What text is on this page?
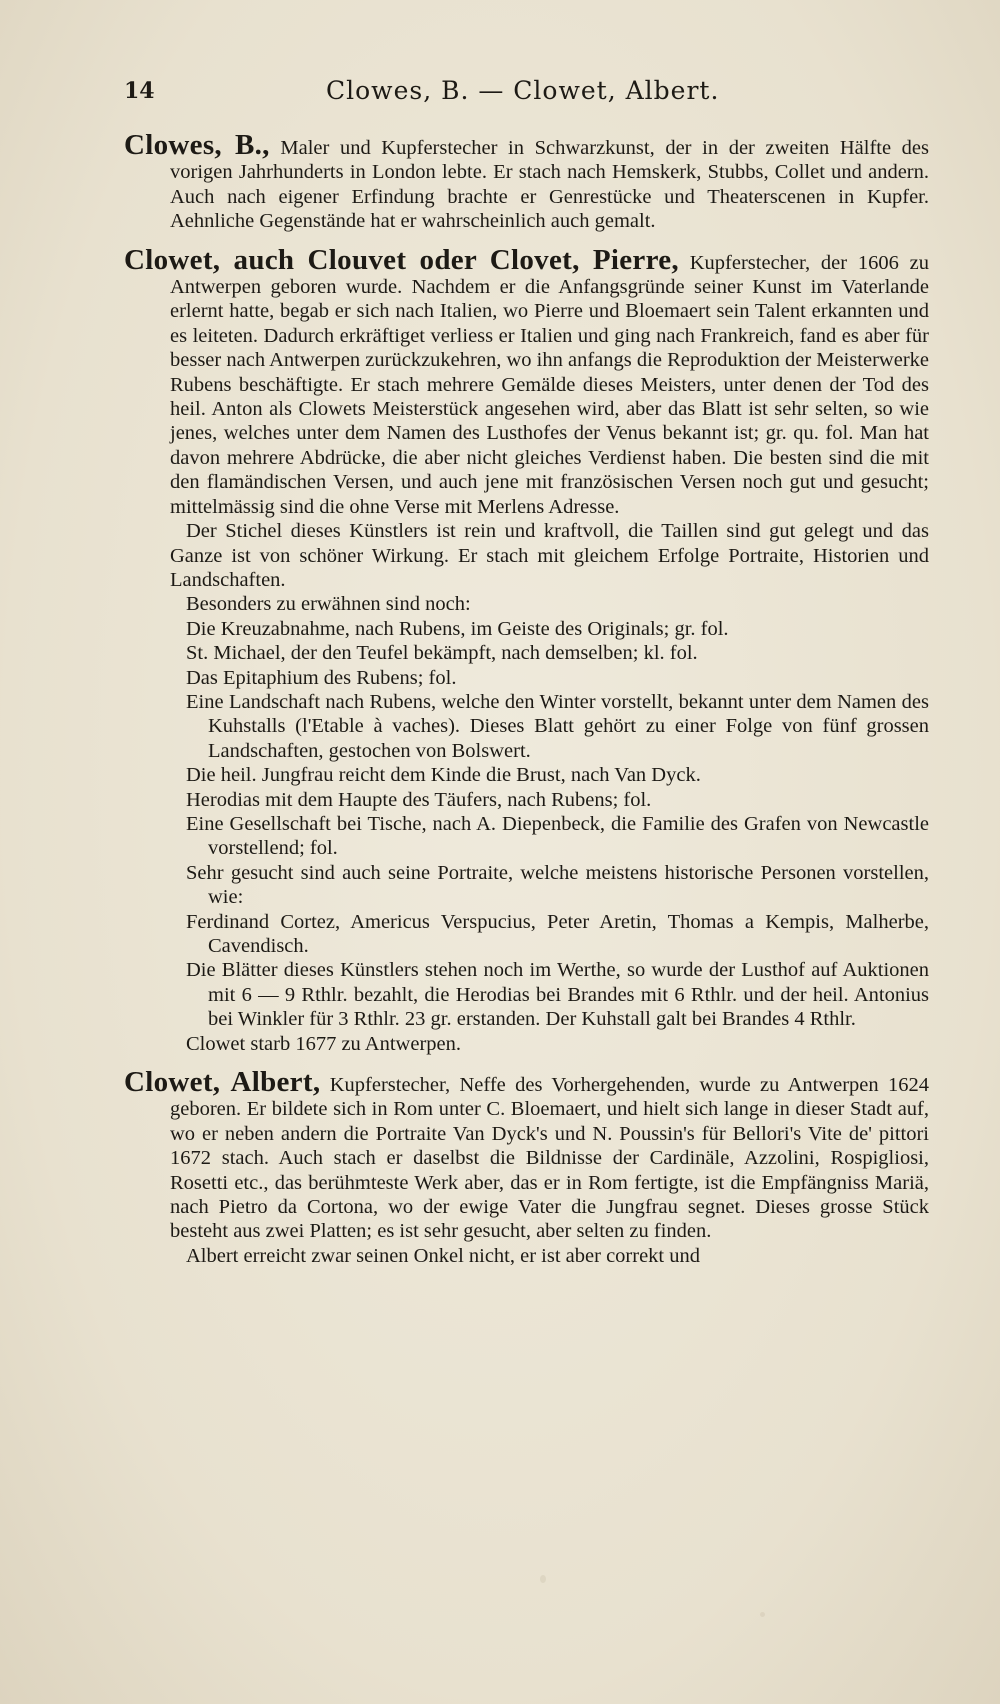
14	Clowes, B. — Clowet, Albert.

Clowes, B., Maler und Kupferstecher in Schwarzkunst, der in der zweiten Hälfte des vorigen Jahrhunderts in London lebte. Er stach nach Hemskerk, Stubbs, Collet und andern. Auch nach eigener Erfindung brachte er Genrestücke und Theaterscenen in Kupfer. Aehnliche Gegenstände hat er wahrscheinlich auch gemalt.

Clowet, auch Clouvet oder Clovet, Pierre, Kupferstecher, der 1606 zu Antwerpen geboren wurde. Nachdem er die Anfangsgründe seiner Kunst im Vaterlande erlernt hatte, begab er sich nach Italien, wo Pierre und Bloemaert sein Talent erkannten und es leiteten. Dadurch erkräftiget verliess er Italien und ging nach Frankreich, fand es aber für besser nach Antwerpen zurückzukehren, wo ihn anfangs die Reproduktion der Meisterwerke Rubens beschäftigte. Er stach mehrere Gemälde dieses Meisters, unter denen der Tod des heil. Anton als Clowets Meisterstück angesehen wird, aber das Blatt ist sehr selten, so wie jenes, welches unter dem Namen des Lusthofes der Venus bekannt ist; gr. qu. fol. Man hat davon mehrere Abdrücke, die aber nicht gleiches Verdienst haben. Die besten sind die mit den flamändischen Versen, und auch jene mit französischen Versen noch gut und gesucht; mittelmässig sind die ohne Verse mit Merlens Adresse.

Der Stichel dieses Künstlers ist rein und kraftvoll, die Taillen sind gut gelegt und das Ganze ist von schöner Wirkung. Er stach mit gleichem Erfolge Portraite, Historien und Landschaften.

Besonders zu erwähnen sind noch:

Die Kreuzabnahme, nach Rubens, im Geiste des Originals; gr. fol.

St. Michael, der den Teufel bekämpft, nach demselben; kl. fol.

Das Epitaphium des Rubens; fol.

Eine Landschaft nach Rubens, welche den Winter vorstellt, bekannt unter dem Namen des Kuhstalls (l'Etable à vaches). Dieses Blatt gehört zu einer Folge von fünf grossen Landschaften, gestochen von Bolswert.

Die heil. Jungfrau reicht dem Kinde die Brust, nach Van Dyck.

Herodias mit dem Haupte des Täufers, nach Rubens; fol.

Eine Gesellschaft bei Tische, nach A. Diepenbeck, die Familie des Grafen von Newcastle vorstellend; fol.

Sehr gesucht sind auch seine Portraite, welche meistens historische Personen vorstellen, wie:

Ferdinand Cortez, Americus Verspucius, Peter Aretin, Thomas a Kempis, Malherbe, Cavendisch.

Die Blätter dieses Künstlers stehen noch im Werthe, so wurde der Lusthof auf Auktionen mit 6 — 9 Rthlr. bezahlt, die Herodias bei Brandes mit 6 Rthlr. und der heil. Antonius bei Winkler für 3 Rthlr. 23 gr. erstanden. Der Kuhstall galt bei Brandes 4 Rthlr.

Clowet starb 1677 zu Antwerpen.

Clowet, Albert, Kupferstecher, Neffe des Vorhergehenden, wurde zu Antwerpen 1624 geboren. Er bildete sich in Rom unter C. Bloemaert, und hielt sich lange in dieser Stadt auf, wo er neben andern die Portraite Van Dyck's und N. Poussin's für Bellori's Vite de' pittori 1672 stach. Auch stach er daselbst die Bildnisse der Cardinäle, Azzolini, Rospigliosi, Rosetti etc., das berühmteste Werk aber, das er in Rom fertigte, ist die Empfängniss Mariä, nach Pietro da Cortona, wo der ewige Vater die Jungfrau segnet. Dieses grosse Stück besteht aus zwei Platten; es ist sehr gesucht, aber selten zu finden.

Albert erreicht zwar seinen Onkel nicht, er ist aber correkt und
